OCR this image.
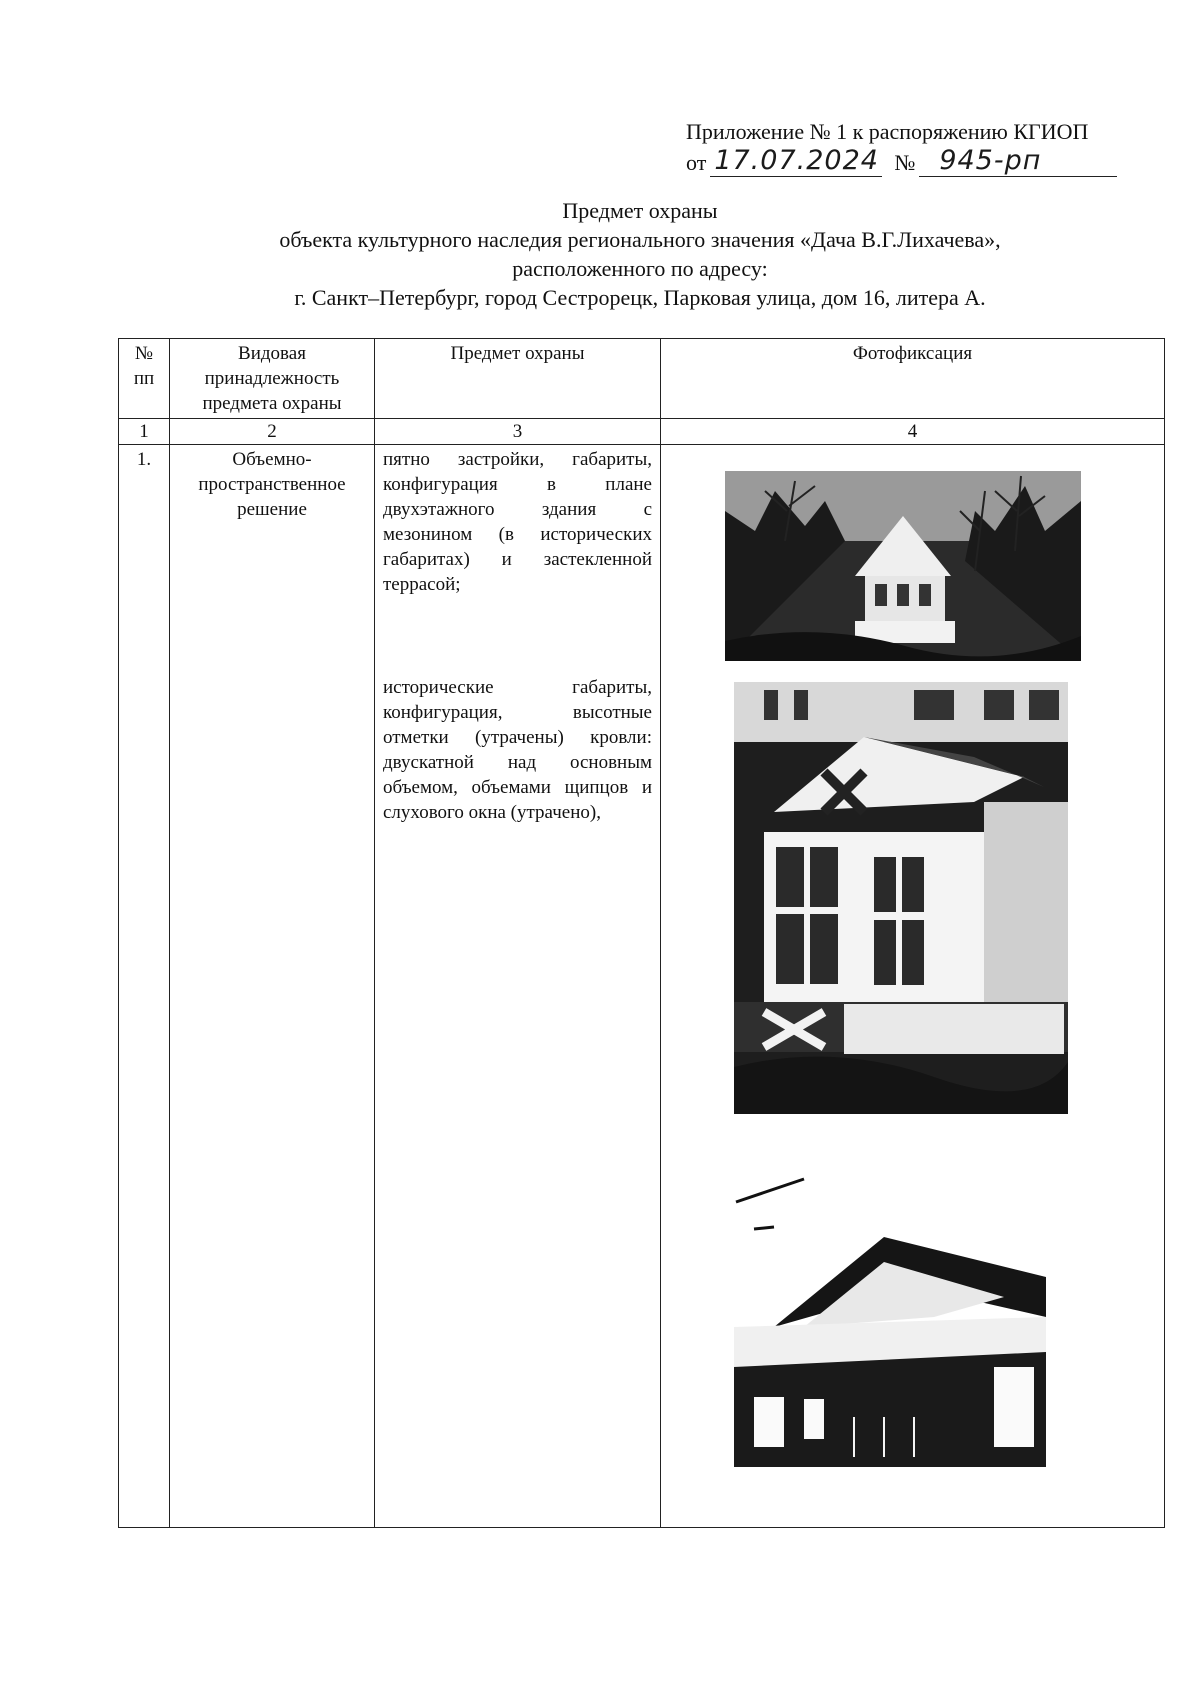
Приложение № 1 к распоряжению КГИОП
от 17.07.2024 № 945-рп
Предмет охраны
объекта культурного наследия регионального значения «Дача В.Г.Лихачева»,
расположенного по адресу:
г. Санкт–Петербург, город Сестрорецк, Парковая улица, дом 16, литера А.
№ пп	Видовая принадлежность предмета охраны	Предмет охраны	Фотофиксация
1	2	3	4
1.	Объемно-пространственное решение	пятно застройки, габариты, конфигурация в плане двухэтажного здания с мезонином (в исторических габаритах) и застекленной террасой;

исторические габариты, конфигурация, высотные отметки (утрачены) кровли: двускатной над основным объемом, объемами щипцов и слухового окна (утрачено),
